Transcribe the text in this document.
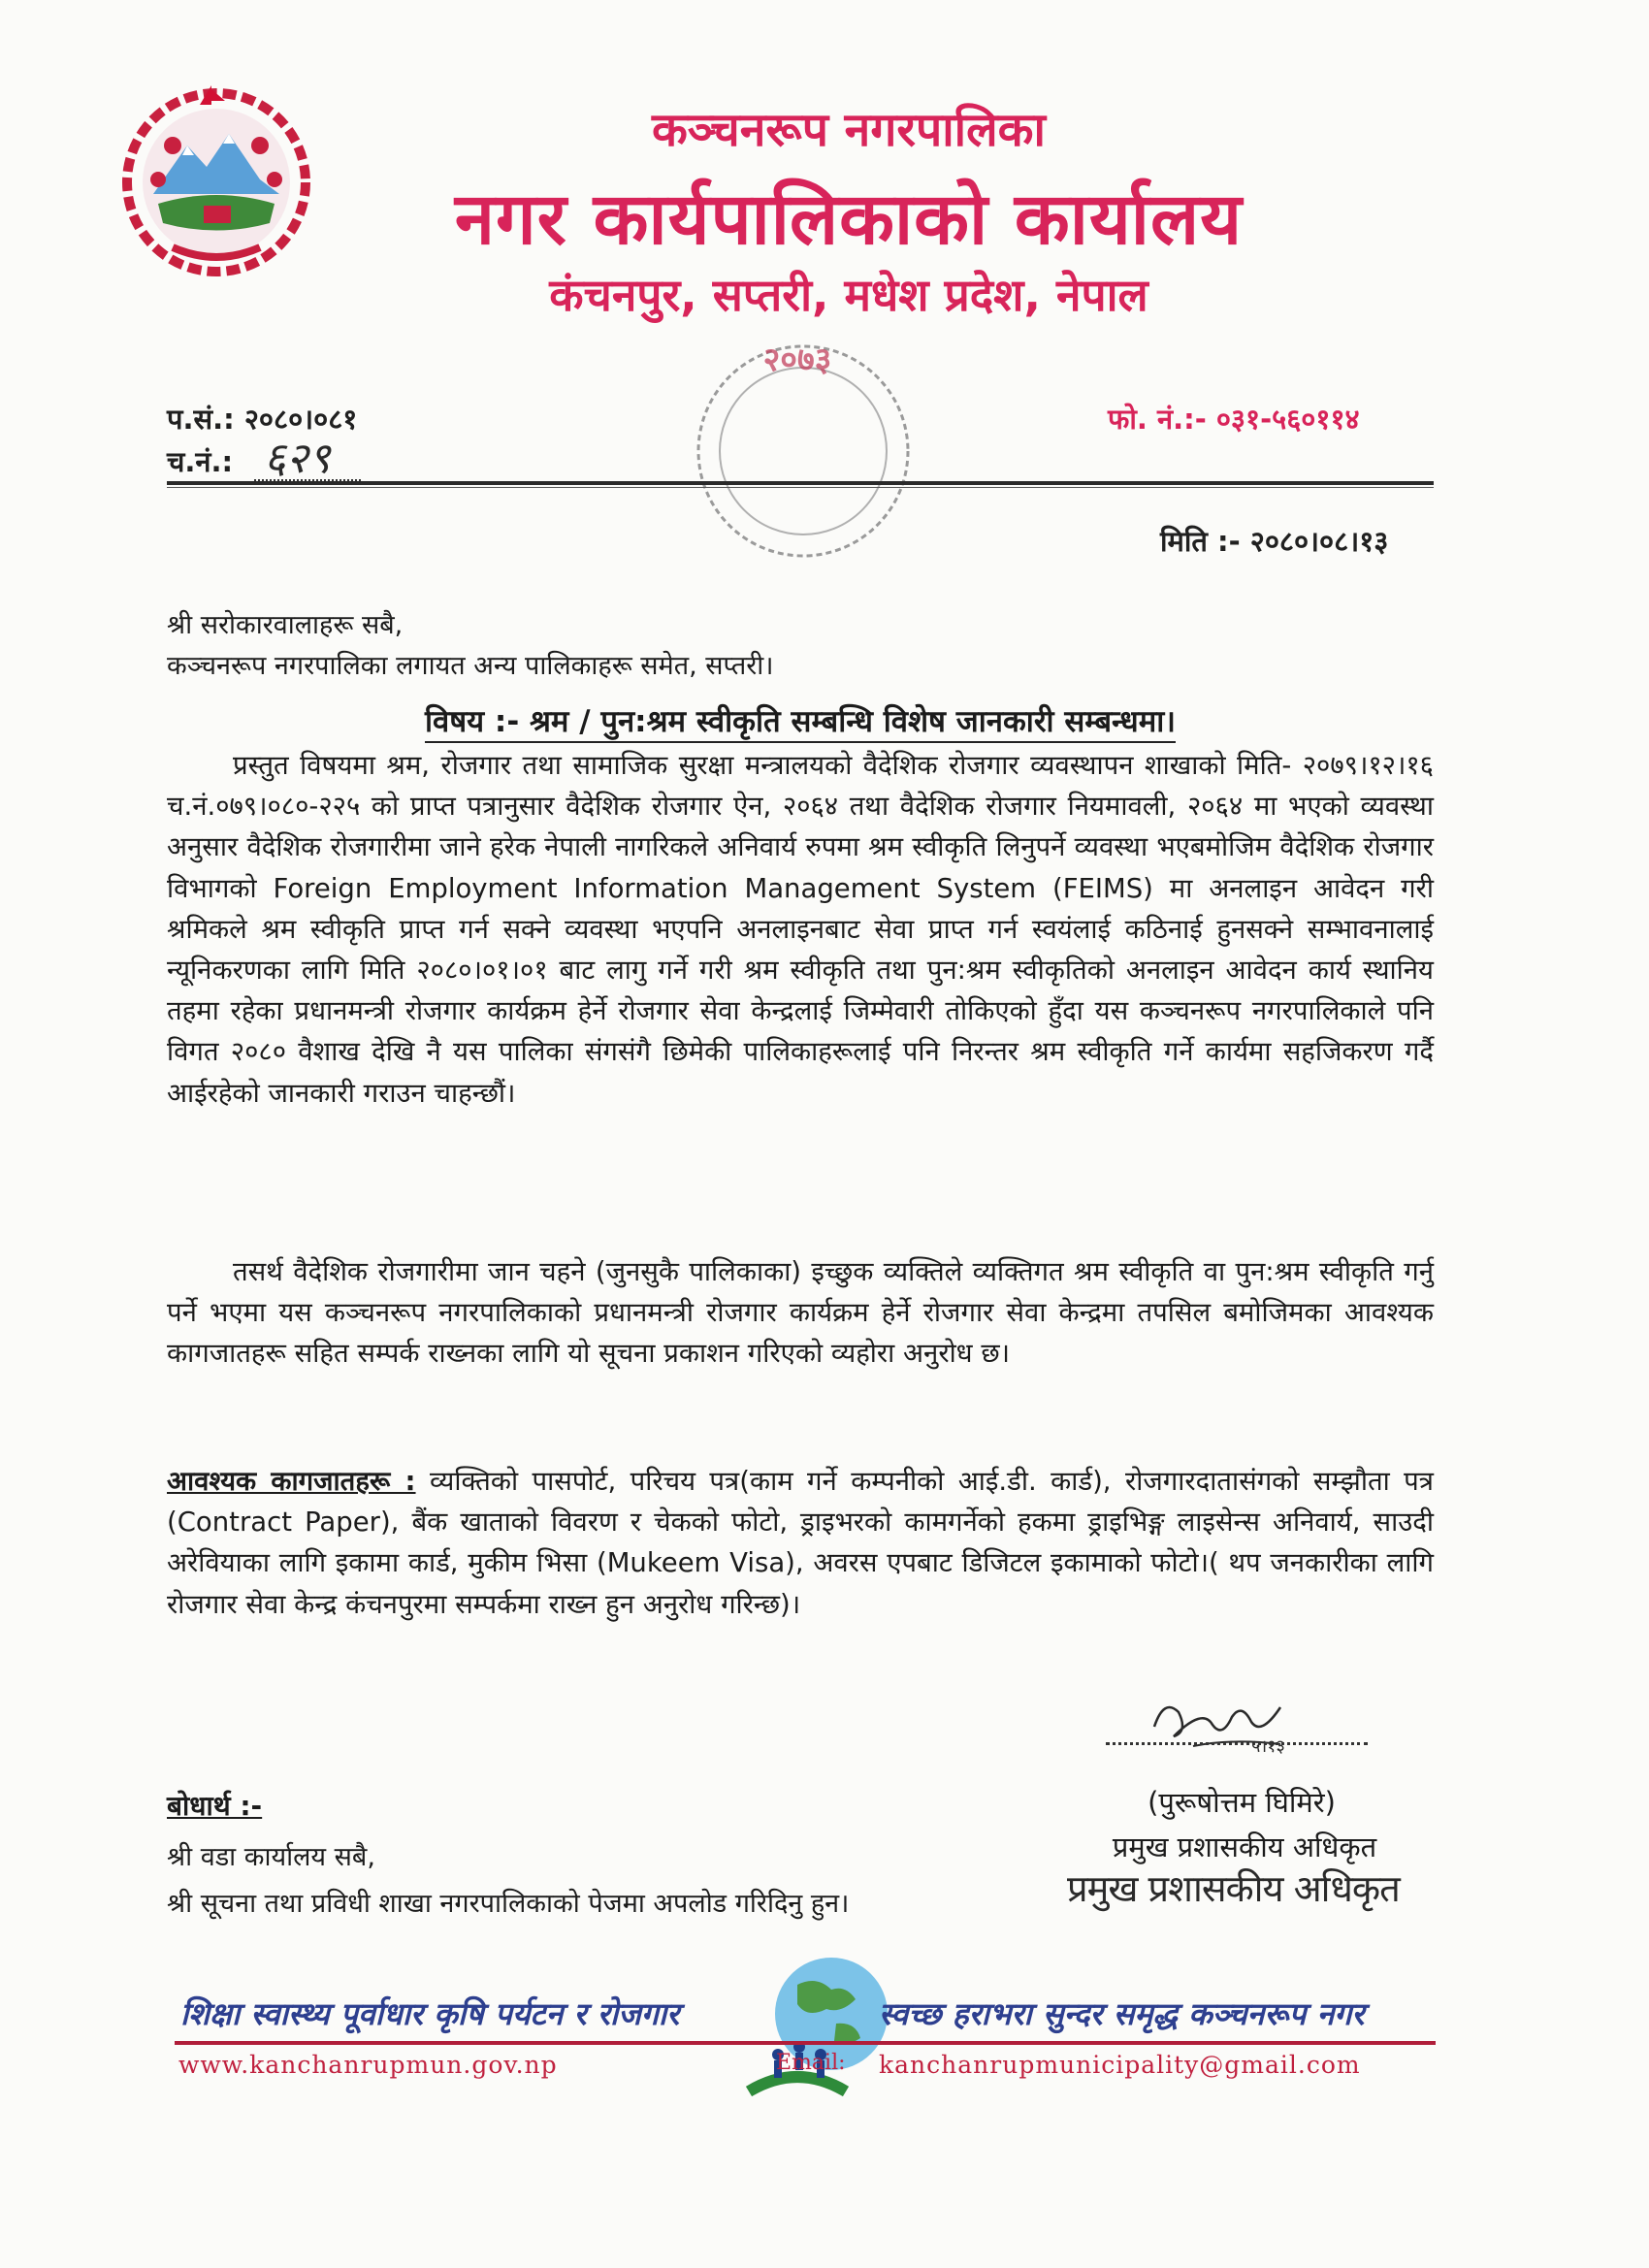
कञ्चनरूप नगरपालिका
नगर कार्यपालिकाको कार्यालय
कंचनपुर, सप्तरी, मधेश प्रदेश, नेपाल
२०७३
प.सं.: २०८०।०८१
च.नं.: ६२९
फो. नं.:- ०३१-५६०११४
मिति :- २०८०।०८।१३
श्री सरोकारवालाहरू सबै,
कञ्चनरूप नगरपालिका लगायत अन्य पालिकाहरू समेत, सप्तरी।
विषय :- श्रम / पुन:श्रम स्वीकृति सम्बन्धि विशेष जानकारी सम्बन्धमा।
प्रस्तुत विषयमा श्रम, रोजगार तथा सामाजिक सुरक्षा मन्त्रालयको वैदेशिक रोजगार व्यवस्थापन शाखाको मिति- २०७९।१२।१६ च.नं.०७९।०८०-२२५ को प्राप्त पत्रानुसार वैदेशिक रोजगार ऐन, २०६४ तथा वैदेशिक रोजगार नियमावली, २०६४ मा भएको व्यवस्था अनुसार वैदेशिक रोजगारीमा जाने हरेक नेपाली नागरिकले अनिवार्य रुपमा श्रम स्वीकृति लिनुपर्ने व्यवस्था भएबमोजिम वैदेशिक रोजगार विभागको Foreign Employment Information Management System (FEIMS) मा अनलाइन आवेदन गरी श्रमिकले श्रम स्वीकृति प्राप्त गर्न सक्ने व्यवस्था भएपनि अनलाइनबाट सेवा प्राप्त गर्न स्वयंलाई कठिनाई हुनसक्ने सम्भावनालाई न्यूनिकरणका लागि मिति २०८०।०१।०१ बाट लागु गर्ने गरी श्रम स्वीकृति तथा पुन:श्रम स्वीकृतिको अनलाइन आवेदन कार्य स्थानिय तहमा रहेका प्रधानमन्त्री रोजगार कार्यक्रम हेर्ने रोजगार सेवा केन्द्रलाई जिम्मेवारी तोकिएको हुँदा यस कञ्चनरूप नगरपालिकाले पनि विगत २०८० वैशाख देखि नै यस पालिका संगसंगै छिमेकी पालिकाहरूलाई पनि निरन्तर श्रम स्वीकृति गर्ने कार्यमा सहजिकरण गर्दै आईरहेको जानकारी गराउन चाहन्छौं।
तसर्थ वैदेशिक रोजगारीमा जान चहने (जुनसुकै पालिकाका) इच्छुक व्यक्तिले व्यक्तिगत श्रम स्वीकृति वा पुन:श्रम स्वीकृति गर्नु पर्ने भएमा यस कञ्चनरूप नगरपालिकाको प्रधानमन्त्री रोजगार कार्यक्रम हेर्ने रोजगार सेवा केन्द्रमा तपसिल बमोजिमका आवश्यक कागजातहरू सहित सम्पर्क राख्नका लागि यो सूचना प्रकाशन गरिएको व्यहोरा अनुरोध छ।
आवश्यक कागजातहरू : व्यक्तिको पासपोर्ट, परिचय पत्र(काम गर्ने कम्पनीको आई.डी. कार्ड), रोजगारदातासंगको सम्झौता पत्र (Contract Paper), बैंक खाताको विवरण र चेकको फोटो, ड्राइभरको कामगर्नेको हकमा ड्राइभिङ्ग लाइसेन्स अनिवार्य, साउदी अरेवियाका लागि इकामा कार्ड, मुकीम भिसा (Mukeem Visa), अवरस एपबाट डिजिटल इकामाको फोटो।( थप जनकारीका लागि रोजगार सेवा केन्द्र कंचनपुरमा सम्पर्कमा राख्न हुन अनुरोध गरिन्छ)।
५।१३
(पुरूषोत्तम घिमिरे)
प्रमुख प्रशासकीय अधिकृत
प्रमुख प्रशासकीय अधिकृत
बोधार्थ :-
श्री वडा कार्यालय सबै,
श्री सूचना तथा प्रविधी शाखा नगरपालिकाको पेजमा अपलोड गरिदिनु हुन।
शिक्षा स्वास्थ्य पूर्वाधार कृषि पर्यटन र रोजगार	स्वच्छ हराभरा सुन्दर समृद्ध कञ्चनरूप नगर
www.kanchanrupmun.gov.np	Email: kanchanrupmunicipality@gmail.com
